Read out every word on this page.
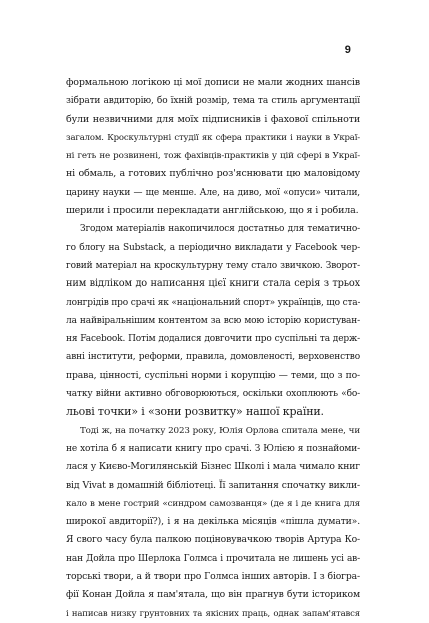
9

формальною логікою ці мої дописи не мали жодних шансів
зібрати авдиторію, бо їхній розмір, тема та стиль аргументації
були незвичними для моїх підписників і фахової спільноти
загалом. Кроскультурні студії як сфера практики і науки в Украї-
ні геть не розвинені, тож фахівців-практиків у цій сфері в Украї-
ні обмаль, а готових публічно роз'яснювати цю маловідому
царину науки — ще менше. Але, на диво, мої «опуси» читали,
шерили і просили перекладати англійською, що я і робила.

Згодом матеріалів накопичилося достатньо для тематично-
го блогу на Substack, а періодично викладати у Facebook чер-
говий матеріал на кроскультурну тему стало звичкою. Зворот-
ним відліком до написання цієї книги стала серія з трьох
лонгрідів про срачі як «національний спорт» українців, що ста-
ла найвіральнішим контентом за всю мою історію користуван-
ня Facebook. Потім додалися довгочити про суспільні та держ-
авні інститути, реформи, правила, домовленості, верховенство
права, цінності, суспільні норми і корупцію — теми, що з по-
чатку війни активно обговорюються, оскільки охоплюють «бо-
льові точки» і «зони розвитку» нашої країни.

Тоді ж, на початку 2023 року, Юлія Орлова спитала мене, чи
не хотіла б я написати книгу про срачі. З Юлією я познайоми-
лася у Києво-Могилянській Бізнес Школі і мала чимало книг
від Vivat в домашній бібліотеці. Її запитання спочатку викли-
кало в мене гострий «синдром самозванця» (де я і де книга для
широкої авдиторії?), і я на декілька місяців «пішла думати».
Я свого часу була палкою поціновувачкою творів Артура Ко-
нан Дойла про Шерлока Голмса і прочитала не лишень усі ав-
торські твори, а й твори про Голмса інших авторів. І з біогра-
фії Конан Дойла я пам'ятала, що він прагнув бути істориком
і написав низку грунтовних та якісних праць, однак запам'ятався
